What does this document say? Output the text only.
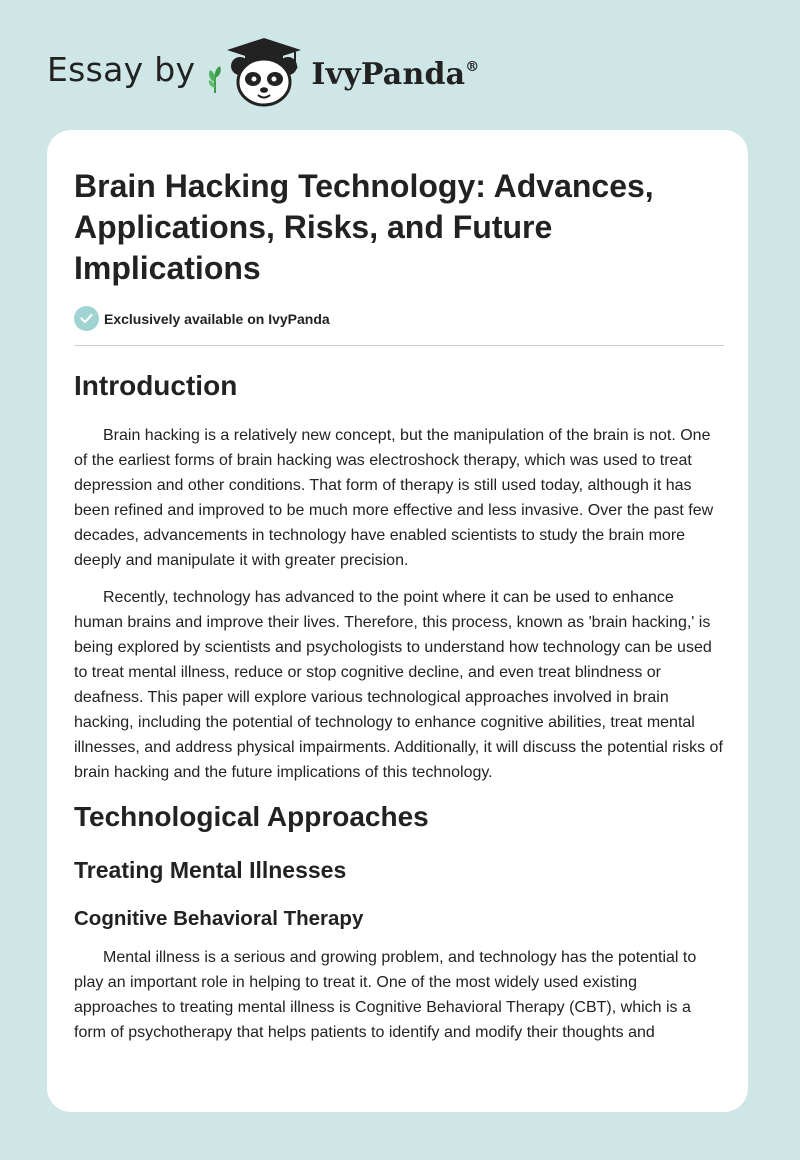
Essay by	IvyPanda®
Brain Hacking Technology: Advances, Applications, Risks, and Future Implications
Exclusively available on IvyPanda
Introduction

Brain hacking is a relatively new concept, but the manipulation of the brain is not. One of the earliest forms of brain hacking was electroshock therapy, which was used to treat depression and other conditions. That form of therapy is still used today, although it has been refined and improved to be much more effective and less invasive. Over the past few decades, advancements in technology have enabled scientists to study the brain more deeply and manipulate it with greater precision.

Recently, technology has advanced to the point where it can be used to enhance human brains and improve their lives. Therefore, this process, known as 'brain hacking,' is being explored by scientists and psychologists to understand how technology can be used to treat mental illness, reduce or stop cognitive decline, and even treat blindness or deafness. This paper will explore various technological approaches involved in brain hacking, including the potential of technology to enhance cognitive abilities, treat mental illnesses, and address physical impairments. Additionally, it will discuss the potential risks of brain hacking and the future implications of this technology.

Technological Approaches
Treating Mental Illnesses
Cognitive Behavioral Therapy

Mental illness is a serious and growing problem, and technology has the potential to play an important role in helping to treat it. One of the most widely used existing approaches to treating mental illness is Cognitive Behavioral Therapy (CBT), which is a form of psychotherapy that helps patients to identify and modify their thoughts and
